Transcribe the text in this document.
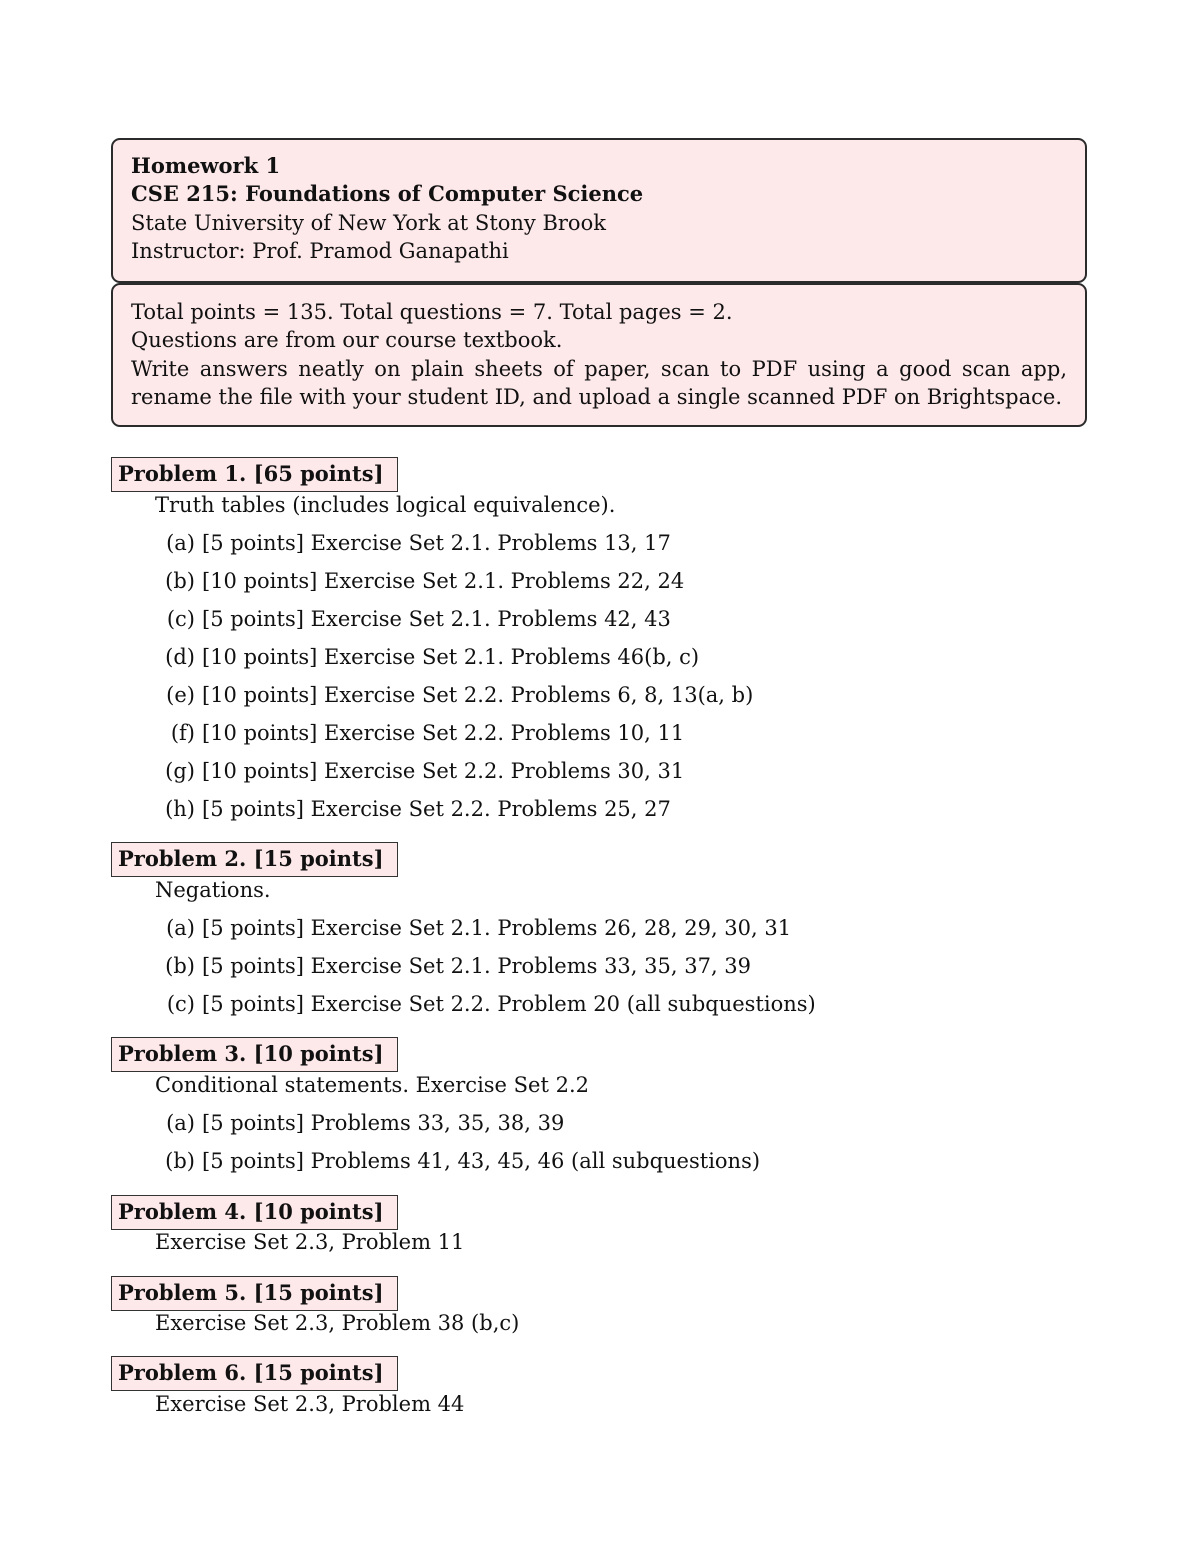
Homework 1
CSE 215: Foundations of Computer Science
State University of New York at Stony Brook
Instructor: Prof. Pramod Ganapathi
Total points = 135. Total questions = 7. Total pages = 2.
Questions are from our course textbook.
Write answers neatly on plain sheets of paper, scan to PDF using a good scan app,
rename the file with your student ID, and upload a single scanned PDF on Brightspace.
Problem 1. [65 points]
Truth tables (includes logical equivalence).
(a) [5 points] Exercise Set 2.1. Problems 13, 17
(b) [10 points] Exercise Set 2.1. Problems 22, 24
(c) [5 points] Exercise Set 2.1. Problems 42, 43
(d) [10 points] Exercise Set 2.1. Problems 46(b, c)
(e) [10 points] Exercise Set 2.2. Problems 6, 8, 13(a, b)
(f) [10 points] Exercise Set 2.2. Problems 10, 11
(g) [10 points] Exercise Set 2.2. Problems 30, 31
(h) [5 points] Exercise Set 2.2. Problems 25, 27
Problem 2. [15 points]
Negations.
(a) [5 points] Exercise Set 2.1. Problems 26, 28, 29, 30, 31
(b) [5 points] Exercise Set 2.1. Problems 33, 35, 37, 39
(c) [5 points] Exercise Set 2.2. Problem 20 (all subquestions)
Problem 3. [10 points]
Conditional statements. Exercise Set 2.2
(a) [5 points] Problems 33, 35, 38, 39
(b) [5 points] Problems 41, 43, 45, 46 (all subquestions)
Problem 4. [10 points]
Exercise Set 2.3, Problem 11
Problem 5. [15 points]
Exercise Set 2.3, Problem 38 (b,c)
Problem 6. [15 points]
Exercise Set 2.3, Problem 44
